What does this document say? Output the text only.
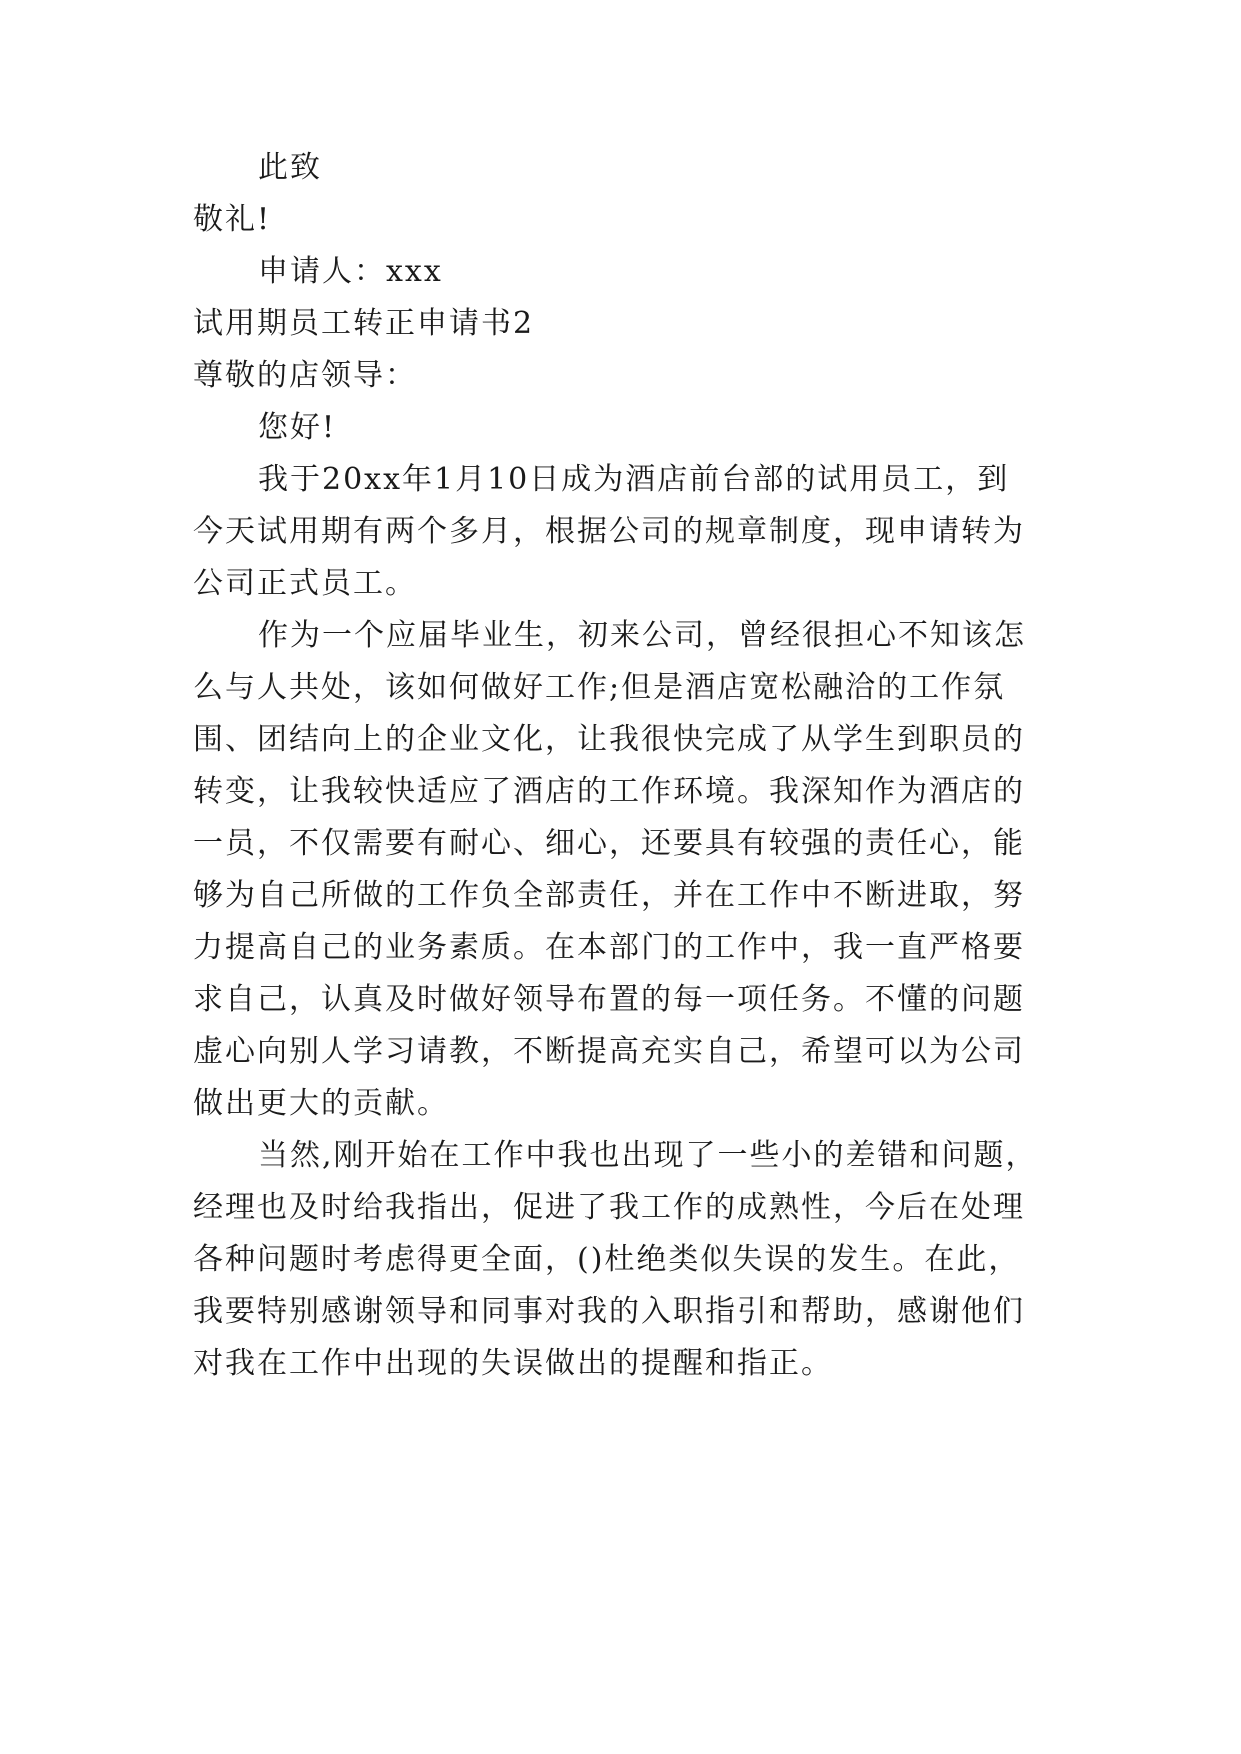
此致
敬礼!
申请人：xxx
试用期员工转正申请书2
尊敬的店领导：
您好!
我于20xx年1月10日成为酒店前台部的试用员工，到
今天试用期有两个多月，根据公司的规章制度，现申请转为
公司正式员工。
作为一个应届毕业生，初来公司，曾经很担心不知该怎
么与人共处，该如何做好工作;但是酒店宽松融洽的工作氛
围、团结向上的企业文化，让我很快完成了从学生到职员的
转变，让我较快适应了酒店的工作环境。我深知作为酒店的
一员，不仅需要有耐心、细心，还要具有较强的责任心，能
够为自己所做的工作负全部责任，并在工作中不断进取，努
力提高自己的业务素质。在本部门的工作中，我一直严格要
求自己，认真及时做好领导布置的每一项任务。不懂的问题
虚心向别人学习请教，不断提高充实自己，希望可以为公司
做出更大的贡献。
当然,刚开始在工作中我也出现了一些小的差错和问题，
经理也及时给我指出，促进了我工作的成熟性，今后在处理
各种问题时考虑得更全面，()杜绝类似失误的发生。在此，
我要特别感谢领导和同事对我的入职指引和帮助，感谢他们
对我在工作中出现的失误做出的提醒和指正。
